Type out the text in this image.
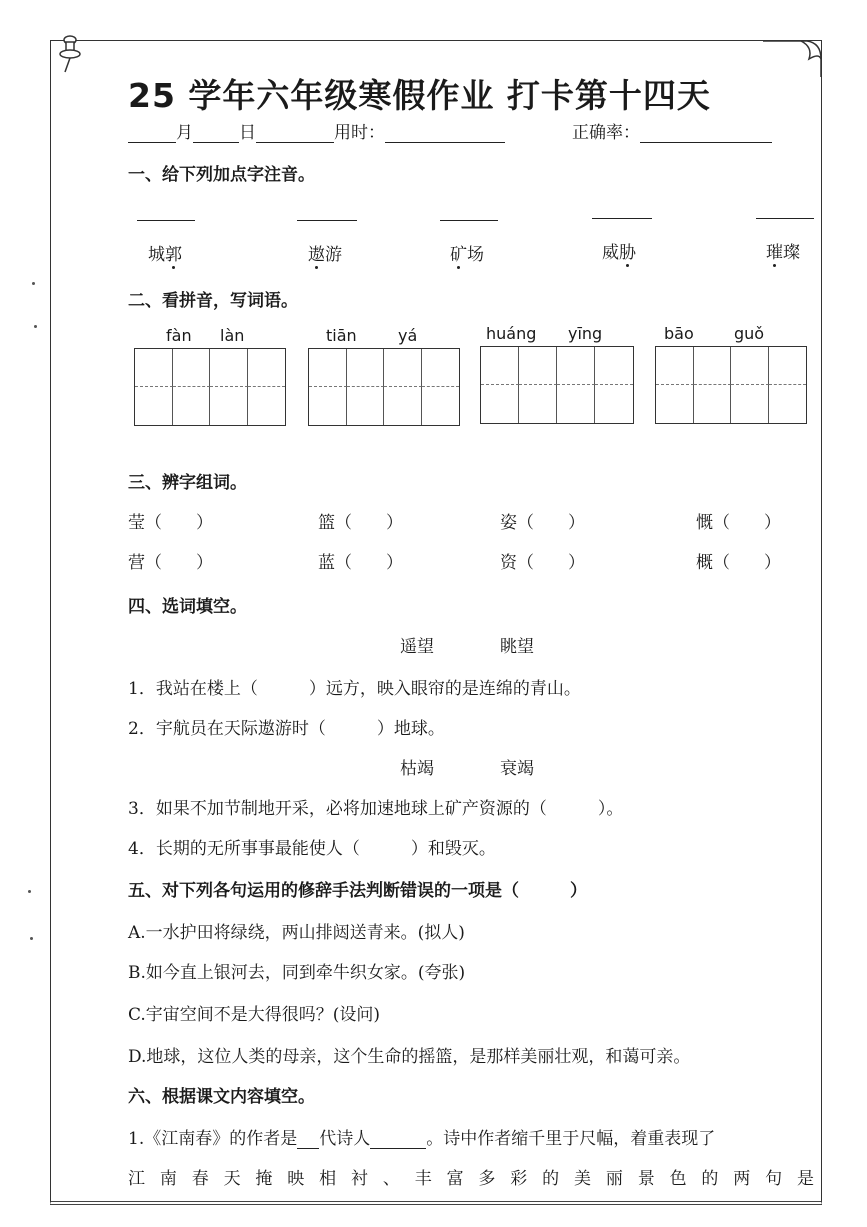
25 学年六年级寒假作业 打卡第十四天
月	日	用时：	正确率：
一、给下列加点字注音。
城郭	遨
游	矿
场	威胁	璀
璨
二、看拼音，写词语。
fàn làn	tiān	yá	huáng yīng	bāo	guǒ
三、辨字组词。
莹（　　）	篮（　　）	姿（　　）	慨（　　）
营（　　）	蓝（　　）	资（　　）	概（　　）
四、选词填空。
遥望	眺望
1．我站在楼上（　　　）远方，映入眼帘的是连绵的青山。
2．宇航员在天际遨游时（　　　）地球。
枯竭	衰竭
3．如果不加节制地开采，必将加速地球上矿产资源的（　　　）。
4．长期的无所事事最能使人（　　　）和毁灭。
五、对下列各句运用的修辞手法判断错误的一项是（　　　）
A.一水护田将绿绕，两山排闼送青来。(拟人)
B.如今直上银河去，同到牵牛织女家。(夸张)
C.宇宙空间不是大得很吗？(设问)
D.地球，这位人类的母亲，这个生命的摇篮，是那样美丽壮观，和蔼可亲。
六、根据课文内容填空。
1.《江南春》的作者是 代诗人	。诗中作者缩千里于尺幅，着重表现了
江南春天掩映相衬、丰富多彩的美丽景色的两句是
